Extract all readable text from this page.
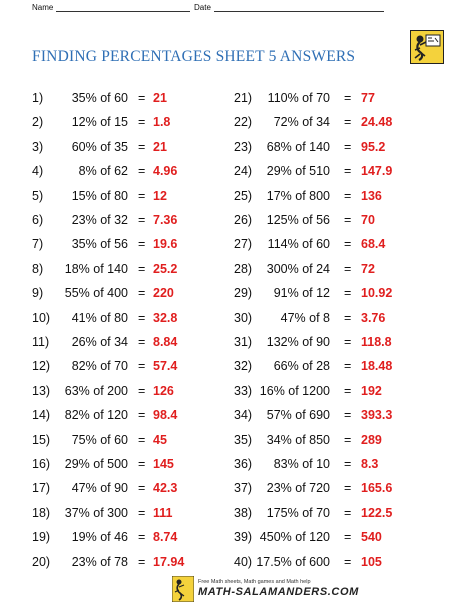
Name	Date
FINDING PERCENTAGES SHEET 5 ANSWERS
1) 35% of 60 = 21
2) 12% of 15 = 1.8
3) 60% of 35 = 21
4)	8% of 62 = 4.96
5) 15% of 80 = 12
6) 23% of 32 = 7.36
7) 35% of 56 = 19.6
8) 18% of 140 = 25.2
9) 55% of 400 = 220
10) 41% of 80 = 32.8
11) 26% of 34 = 8.84
12) 82% of 70 = 57.4
13) 63% of 200 = 126
14) 82% of 120 = 98.4
15) 75% of 60 = 45
16) 29% of 500 = 145
17) 47% of 90 = 42.3
18) 37% of 300 = 111
19) 19% of 46 = 8.74
20) 23% of 78 = 17.94
21) 110% of 70 = 77
22) 72% of 34 = 24.48
23) 68% of 140 = 95.2
24) 29% of 510 = 147.9
25) 17% of 800 = 136
26) 125% of 56 = 70
27) 114% of 60 = 68.4
28) 300% of 24 = 72
29) 91% of 12 = 10.92
30) 47% of 8 = 3.76
31) 132% of 90 = 118.8
32) 66% of 28 = 18.48
33) 16% of 1200 = 192
34) 57% of 690 = 393.3
35) 34% of 850 = 289
36) 83% of 10 = 8.3
37) 23% of 720 = 165.6
38) 175% of 70 = 122.5
39) 450% of 120 = 540
40) 17.5% of 600 = 105
Free Math sheets, Math games and Math help
MATH-SALAMANDERS.COM
